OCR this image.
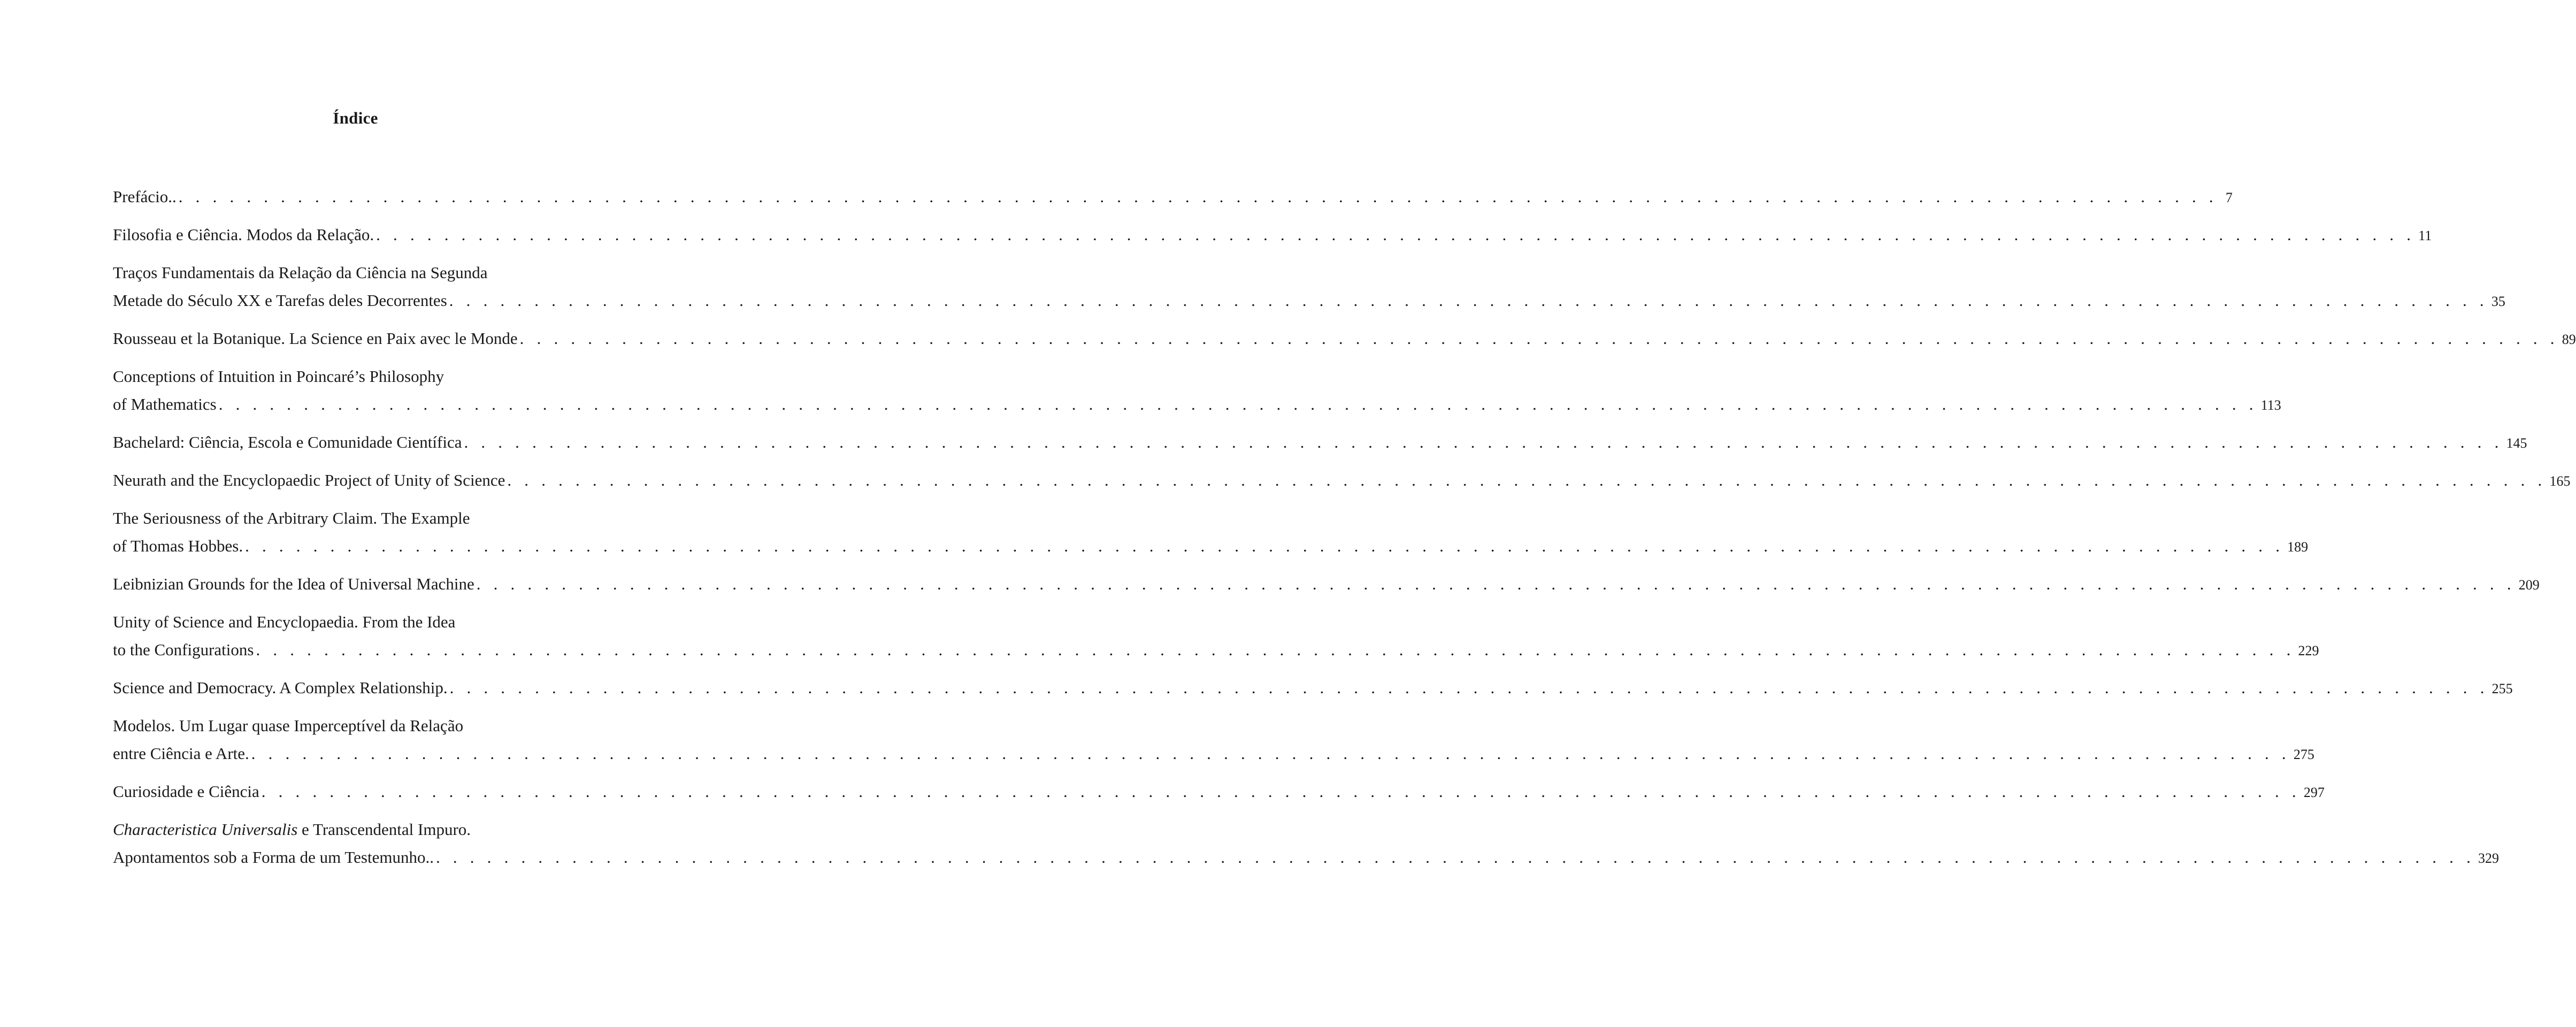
Índice
Prefácio.. . . . . . . . . . . . . . . . . . . . . . . . . . . . . . . . . . . . . . . . . . . . . . . . . . . . . . . . . . . . . . . . . . . . . . . . . . . . . . . . . . . . . . . . . . . . . . . . . . . . . . . . . . . . . . . . . . . . . . . . . 7
Filosofia e Ciência. Modos da Relação. . . . . . . . . . . . . . . . . . . . . . . . . . . . . . . . . . . . . . . . . . . . . . . . . . . . . . . . . . . . . . . . . . . . . . . . . . . . . . . . . . . . . . . . . . . . . . . . . . . . . . . . . . . . . . . . . . . . . . . . . 11
Traços Fundamentais da Relação da Ciência na Segunda
Metade do Século XX e Tarefas deles Decorrentes . . . . . . . . . . . . . . . . . . . . . . . . . . . . . . . . . . . . . . . . . . . . . . . . . . . . . . . . . . . . . . . . . . . . . . . . . . . . . . . . . . . . . . . . . . . . . . . . . . . . . . . . . . . . . . . . . . . . . . . . 35
Rousseau et la Botanique. La Science en Paix avec le Monde . . . . . . . . . . . . . . . . . . . . . . . . . . . . . . . . . . . . . . . . . . . . . . . . . . . . . . . . . . . . . . . . . . . . . . . . . . . . . . . . . . . . . . . . . . . . . . . . . . . . . . . . . . . . . . . . . . . . . . . . 89
Conceptions of Intuition in Poincaré’s Philosophy
of Mathematics . . . . . . . . . . . . . . . . . . . . . . . . . . . . . . . . . . . . . . . . . . . . . . . . . . . . . . . . . . . . . . . . . . . . . . . . . . . . . . . . . . . . . . . . . . . . . . . . . . . . . . . . . . . . . . . . . . . . . . . . 113
Bachelard: Ciência, Escola e Comunidade Científica . . . . . . . . . . . . . . . . . . . . . . . . . . . . . . . . . . . . . . . . . . . . . . . . . . . . . . . . . . . . . . . . . . . . . . . . . . . . . . . . . . . . . . . . . . . . . . . . . . . . . . . . . . . . . . . . . . . . . . . . 145
Neurath and the Encyclopaedic Project of Unity of Science . . . . . . . . . . . . . . . . . . . . . . . . . . . . . . . . . . . . . . . . . . . . . . . . . . . . . . . . . . . . . . . . . . . . . . . . . . . . . . . . . . . . . . . . . . . . . . . . . . . . . . . . . . . . . . . . . . . . . . . . 165
The Seriousness of the Arbitrary Claim. The Example
of Thomas Hobbes. . . . . . . . . . . . . . . . . . . . . . . . . . . . . . . . . . . . . . . . . . . . . . . . . . . . . . . . . . . . . . . . . . . . . . . . . . . . . . . . . . . . . . . . . . . . . . . . . . . . . . . . . . . . . . . . . . . . . . . . . 189
Leibnizian Grounds for the Idea of Universal Machine . . . . . . . . . . . . . . . . . . . . . . . . . . . . . . . . . . . . . . . . . . . . . . . . . . . . . . . . . . . . . . . . . . . . . . . . . . . . . . . . . . . . . . . . . . . . . . . . . . . . . . . . . . . . . . . . . . . . . . . . 209
Unity of Science and Encyclopaedia. From the Idea
to the Configurations . . . . . . . . . . . . . . . . . . . . . . . . . . . . . . . . . . . . . . . . . . . . . . . . . . . . . . . . . . . . . . . . . . . . . . . . . . . . . . . . . . . . . . . . . . . . . . . . . . . . . . . . . . . . . . . . . . . . . . . . 229
Science and Democracy. A Complex Relationship. . . . . . . . . . . . . . . . . . . . . . . . . . . . . . . . . . . . . . . . . . . . . . . . . . . . . . . . . . . . . . . . . . . . . . . . . . . . . . . . . . . . . . . . . . . . . . . . . . . . . . . . . . . . . . . . . . . . . . . . . 255
Modelos. Um Lugar quase Imperceptível da Relação
entre Ciência e Arte. . . . . . . . . . . . . . . . . . . . . . . . . . . . . . . . . . . . . . . . . . . . . . . . . . . . . . . . . . . . . . . . . . . . . . . . . . . . . . . . . . . . . . . . . . . . . . . . . . . . . . . . . . . . . . . . . . . . . . . . . 275
Curiosidade e Ciência . . . . . . . . . . . . . . . . . . . . . . . . . . . . . . . . . . . . . . . . . . . . . . . . . . . . . . . . . . . . . . . . . . . . . . . . . . . . . . . . . . . . . . . . . . . . . . . . . . . . . . . . . . . . . . . . . . . . . . . . 297
Characteristica Universalis e Transcendental Impuro.
Apontamentos sob a Forma de um Testemunho.. . . . . . . . . . . . . . . . . . . . . . . . . . . . . . . . . . . . . . . . . . . . . . . . . . . . . . . . . . . . . . . . . . . . . . . . . . . . . . . . . . . . . . . . . . . . . . . . . . . . . . . . . . . . . . . . . . . . . . . . . 329
